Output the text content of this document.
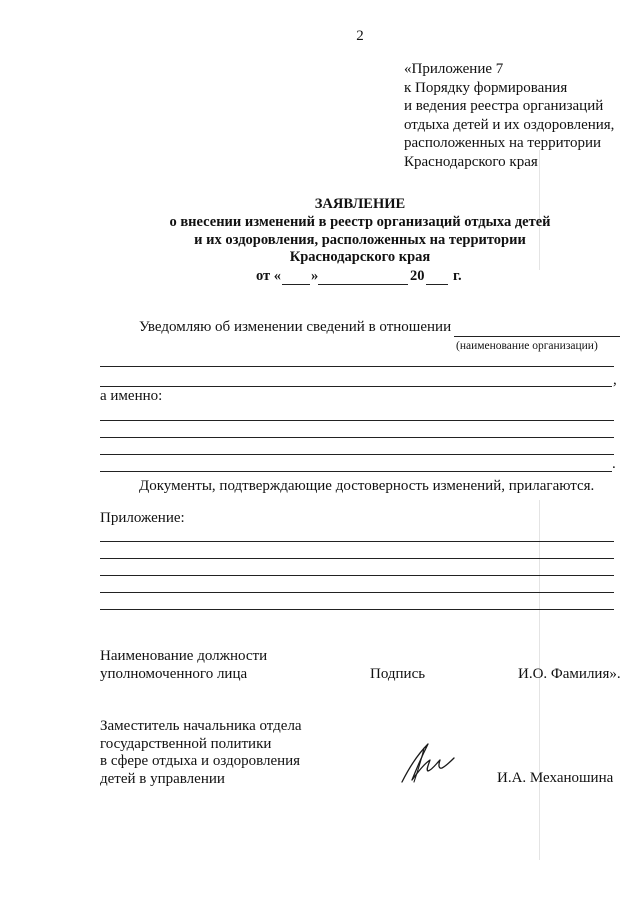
2
«Приложение 7
к Порядку формирования
и ведения реестра организаций
отдыха детей и их оздоровления,
расположенных на территории
Краснодарского края
ЗАЯВЛЕНИЕ
о внесении изменений в реестр организаций отдыха детей
и их оздоровления, расположенных на территории
Краснодарского края
от « »	20 г.
Уведомляю об изменении сведений в отношении
(наименование организации)
,
а именно:
.
Документы, подтверждающие достоверность изменений, прилагаются.
Приложение:
Наименование должности
уполномоченного лица	Подпись	И.О. Фамилия».
Заместитель начальника отдела
государственной политики
в сфере отдыха и оздоровления
детей в управлении	И.А. Механошина
